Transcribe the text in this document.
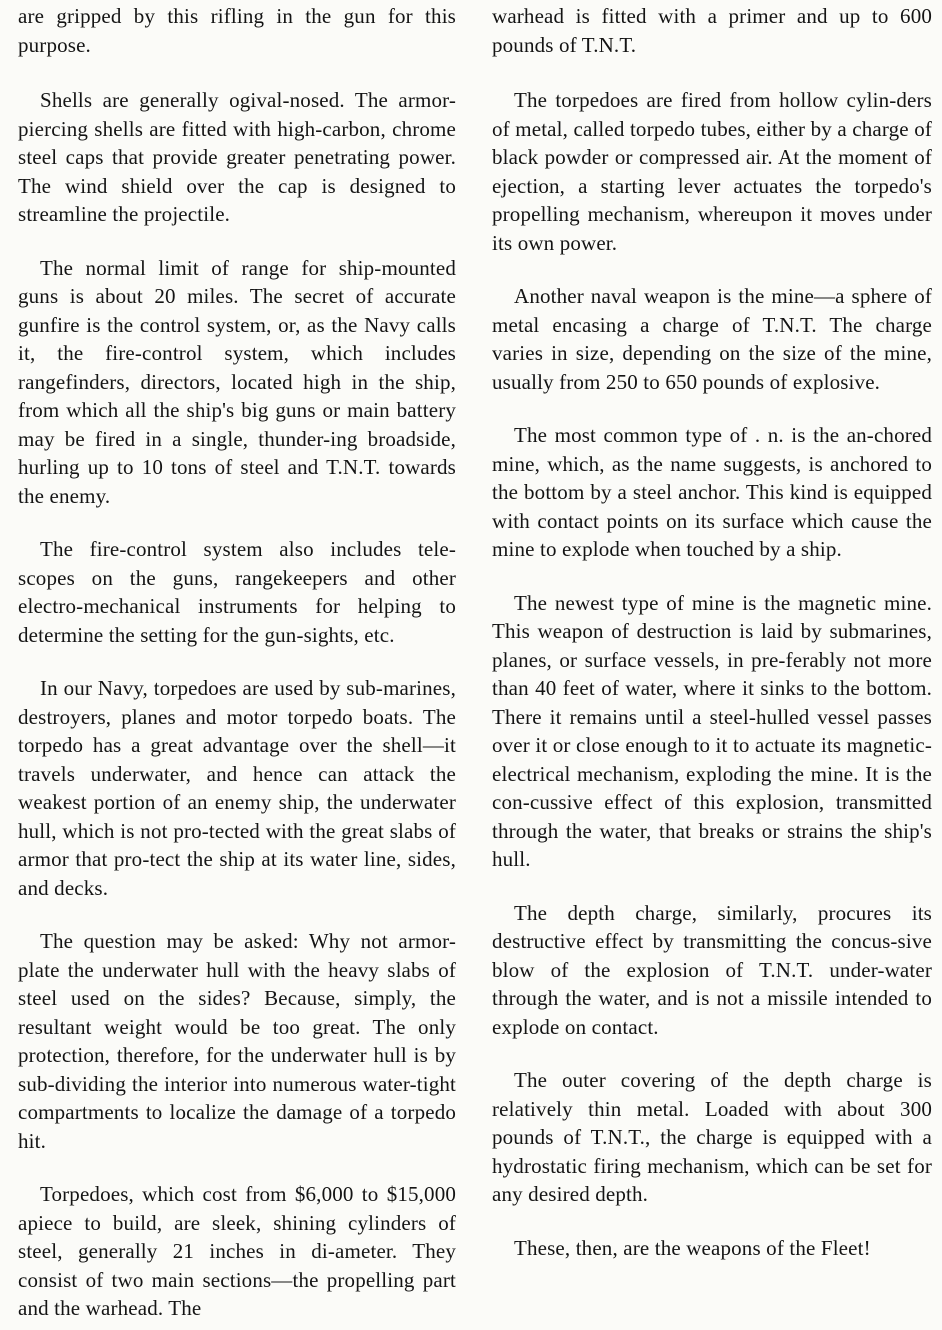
are gripped by this rifling in the gun for this purpose.

Shells are generally ogival-nosed. The armor-piercing shells are fitted with high-carbon, chrome steel caps that provide greater penetrating power. The wind shield over the cap is designed to streamline the projectile.

The normal limit of range for ship-mounted guns is about 20 miles. The secret of accurate gunfire is the control system, or, as the Navy calls it, the fire-control system, which includes rangefinders, directors, located high in the ship, from which all the ship's big guns or main battery may be fired in a single, thunder-ing broadside, hurling up to 10 tons of steel and T.N.T. towards the enemy.

The fire-control system also includes tele-scopes on the guns, rangekeepers and other electro-mechanical instruments for helping to determine the setting for the gun-sights, etc.

In our Navy, torpedoes are used by sub-marines, destroyers, planes and motor torpedo boats. The torpedo has a great advantage over the shell—it travels underwater, and hence can attack the weakest portion of an enemy ship, the underwater hull, which is not pro-tected with the great slabs of armor that pro-tect the ship at its water line, sides, and decks.

The question may be asked: Why not armor-plate the underwater hull with the heavy slabs of steel used on the sides? Because, simply, the resultant weight would be too great. The only protection, therefore, for the underwater hull is by sub-dividing the interior into numerous water-tight compartments to localize the damage of a torpedo hit.

Torpedoes, which cost from $6,000 to $15,000 apiece to build, are sleek, shining cylinders of steel, generally 21 inches in di-ameter. They consist of two main sections—the propelling part and the warhead. The

warhead is fitted with a primer and up to 600 pounds of T.N.T.

The torpedoes are fired from hollow cylin-ders of metal, called torpedo tubes, either by a charge of black powder or compressed air. At the moment of ejection, a starting lever actuates the torpedo's propelling mechanism, whereupon it moves under its own power.

Another naval weapon is the mine—a sphere of metal encasing a charge of T.N.T. The charge varies in size, depending on the size of the mine, usually from 250 to 650 pounds of explosive.

The most common type of . n. is the an-chored mine, which, as the name suggests, is anchored to the bottom by a steel anchor. This kind is equipped with contact points on its surface which cause the mine to explode when touched by a ship.

The newest type of mine is the magnetic mine. This weapon of destruction is laid by submarines, planes, or surface vessels, in pre-ferably not more than 40 feet of water, where it sinks to the bottom. There it remains until a steel-hulled vessel passes over it or close enough to it to actuate its magnetic-electrical mechanism, exploding the mine. It is the con-cussive effect of this explosion, transmitted through the water, that breaks or strains the ship's hull.

The depth charge, similarly, procures its destructive effect by transmitting the concus-sive blow of the explosion of T.N.T. under-water through the water, and is not a missile intended to explode on contact.

The outer covering of the depth charge is relatively thin metal. Loaded with about 300 pounds of T.N.T., the charge is equipped with a hydrostatic firing mechanism, which can be set for any desired depth.

These, then, are the weapons of the Fleet!
